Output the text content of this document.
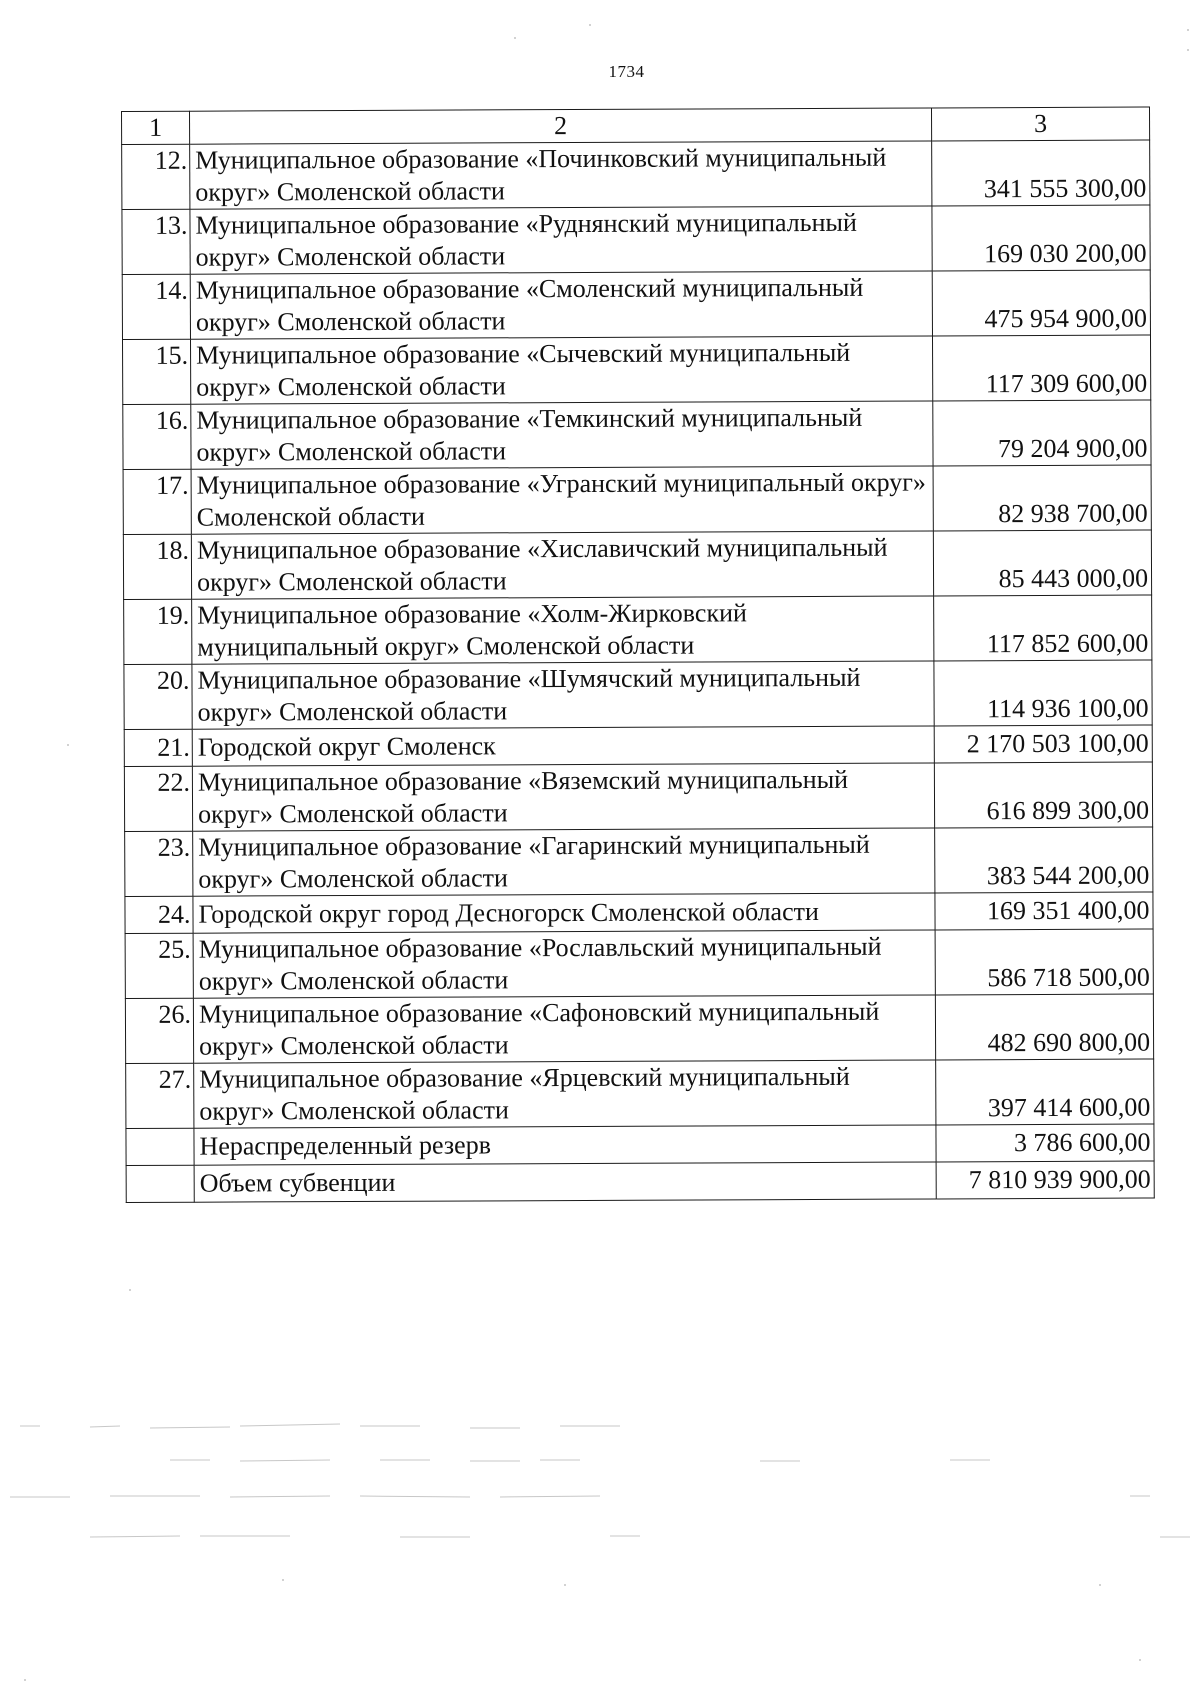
1734
1	2	3
12.	Муниципальное образование «Починковский муниципальный округ» Смоленской области	341 555 300,00
13.	Муниципальное образование «Руднянский муниципальный округ» Смоленской области	169 030 200,00
14.	Муниципальное образование «Смоленский муниципальный округ» Смоленской области	475 954 900,00
15.	Муниципальное образование «Сычевский муниципальный округ» Смоленской области	117 309 600,00
16.	Муниципальное образование «Темкинский муниципальный округ» Смоленской области	79 204 900,00
17.	Муниципальное образование «Угранский муниципальный округ» Смоленской области	82 938 700,00
18.	Муниципальное образование «Хиславичский муниципальный округ» Смоленской области	85 443 000,00
19.	Муниципальное образование «Холм-Жирковский муниципальный округ» Смоленской области	117 852 600,00
20.	Муниципальное образование «Шумячский муниципальный округ» Смоленской области	114 936 100,00
21.	Городской округ Смоленск	2 170 503 100,00
22.	Муниципальное образование «Вяземский муниципальный округ» Смоленской области	616 899 300,00
23.	Муниципальное образование «Гагаринский муниципальный округ» Смоленской области	383 544 200,00
24.	Городской округ город Десногорск Смоленской области	169 351 400,00
25.	Муниципальное образование «Рославльский муниципальный округ» Смоленской области	586 718 500,00
26.	Муниципальное образование «Сафоновский муниципальный округ» Смоленской области	482 690 800,00
27.	Муниципальное образование «Ярцевский муниципальный округ» Смоленской области	397 414 600,00
	Нераспределенный резерв	3 786 600,00
	Объем субвенции	7 810 939 900,00
